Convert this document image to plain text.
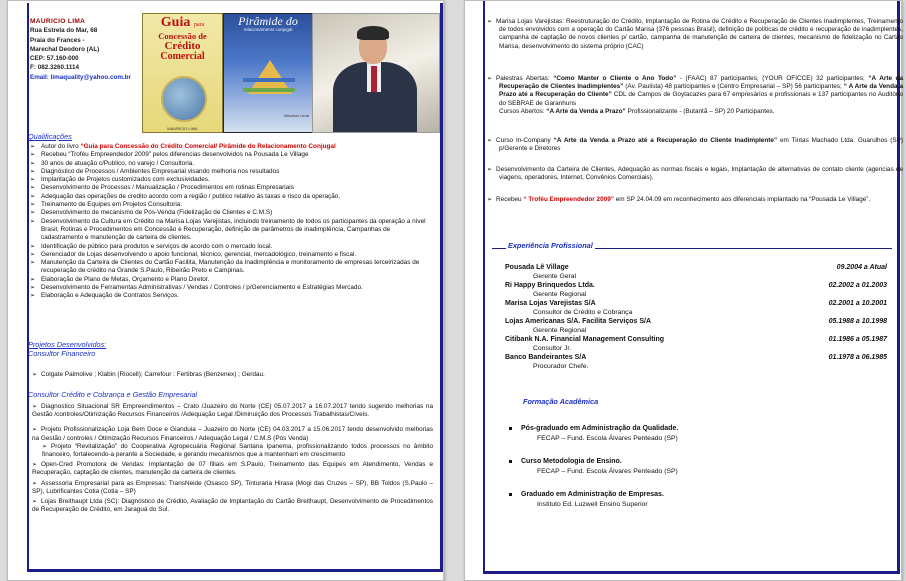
MAURICIO LIMA
Rua Estrela do Mar, 68
Praia do Frances -
Marechal Deodoro (AL)
CEP: 57.160-000
F: 082.3260.1114
Email: limaquality@yahoo.com.br
Guia para
Concessão de
Crédito
Comercial
MAURICIO LIMA
Pirâmide do
relacionamento conjugal
Mauricio Lima
Qualificações
➢ Autor do livro “Guia para Concessão do Crédito Comercial/ Pirâmide do Relacionamento Conjugal
➢ Recebeu “Troféu Empreendedor 2009” pelos diferencias desenvolvidos na Pousada Le Village
➢ 30 anos de atuação c/Publico, no varejo / Consultoria.
➢ Diagnóstico de Processos / Ambientes Empresarial visando melhoria nos resultados
➢ Implantação de Projetos customizados com exclusividades.
➢ Desenvolvimento de Processos / Manualização / Procedimentos em rotinas Empresariais
➢ Adequação das operações de credito acordo com a região / publico relativo às taxas e risco da operação.
➢ Treinamento de Equipes em Projetos Consultoria.
➢ Desenvolvimento de mecanismo de Pós-Venda (Fidelização de Clientes e C.M.S)
➢ Desenvolvimento da Cultura em Crédito na Marisa Lojas Varejistas, incluindo treinamento de todos os participantes da operação a nível Brasil, Rotinas e Procedimentos em Concessão e Recuperação, definição de parâmetros de inadimplência, Campanhas de cadastramento e manutenção de carteira de clientes.
➢ Identificação de público para produtos e serviços de acordo com o mercado local.
➢ Gerenciador de Lojas desenvolvendo o apoio funcional, técnico, gerencial, mercadológico, treinamento e fiscal.
➢ Manutenção da Carteira de Clientes do Cartão Facilita, Manutenção da Inadimplência e monitoramento de empresas terceirizadas de recuperação de crédito na Grande S.Paulo, Ribeirão Preto e Campinas.
➢ Elaboração de Plano de Metas, Orçamento e Plano Diretor.
➢ Desenvolvimento de Ferramentas Administrativas / Vendas / Controles / p/Gerenciamento e Estratégias Mercado.
➢ Elaboração e Adequação de Contratos Serviços.
Projetos Desenvolvidos:
Consultor Financeiro
➢ Colgate Palmolive ; Klabin (Riocell); Carrefour : Fertibras (Benzenex) ; Gerdau.
Consultor Crédito e Cobrança e Gestão Empresarial
➢ Diagnostico Situacional SR Empreendimentos – Crato /Juazeiro do Norte (CE) 05.07.2017 a 16.07.2017 tendo sugerido melhorias na Gestão /controles/Otimização Recursos Financeiros /Adequação Legal /Diminuição dos Processos Trabalhistas/Cíveis.
➢ Projeto Profissionalização Loja Bem Doce e Gianduia – Juazeiro do Norte (CE) 04.03.2017 a 15.06.2017 tendo desenvolvido melhorias na Gestão / controles / Otimização Recursos Financeiros / Adequação Legal / C.M.S (Pós Venda)
➢ Projeto “Revitalização” do Cooperativa Agropecuária Regional Santana Ipanema, profissionalizando todos processos no âmbito financeiro, fortalecendo-a perante a Sociedade, e gerando mecanismos que a mantenham em crescimento
➢ Open-Cred Promotora de Vendas: Implantação de 07 filiais em S.Paulo, Treinamento das Equipes em Atendimento, Vendas e Recuperação, captação de clientes, manutenção da carteira de clientes.
➢ Assessoria Empresarial para as Empresas: TransNeide (Osasco SP), Tinturaria Hirasa (Mogi das Cruzes – SP), BB Toldos (S.Paulo – SP), Lubrificantes Cotia (Cotia – SP)
➢ Lojas Breithaupt Ltda (SC): Diagnóstico de Crédito, Avaliação de Implantação do Cartão Breithaupt, Desenvolvimento de Procedimentos de Recuperação de Crédito, em Jaraguá do Sul.
➢ Marisa Lojas Varejistas: Reestruturação do Crédito, Implantação de Rotina de Crédito e Recuperação de Clientes Inadimplentes, Treinamento de todos envolvidos com a operação do Cartão Marisa (376 pessoas Brasil), definição de políticas de crédito e recuperação de inadimplentes, campanha de captação de novos clientes p/ cartão, campanha de manutenção de carteira de clientes, mecanismo de fidelização no Cartão Marisa, desenvolvimento do sistema próprio (CAC)
➢ Palestras Abertas: “Como Manter o Cliente o Ano Todo” - (FAAC) 87 participantes; (YOUR OFICCE) 32 participantes; “A Arte da Recuperação de Clientes Inadimplentes” (Av. Paulista) 48 participantes e (Centro Empresarial – SP) 56 participantes; “ A Arte da Venda a Prazo até a Recuperação do Cliente” CDL de Campos de Goytacazes para 67 empresários e profissionais e 137 participantes no Auditório do SEBRAE de Garanhuns
Cursos Abertos: “A Arte da Venda a Prazo” Profissionalizante - (Butantã – SP) 20 Participantes.
➢ Curso In-Company “A Arte da Venda a Prazo até a Recuperação do Cliente Inadimplente” em Tintas Machado Ltda. Guarulhos (SP) p/Gerente e Diretores
➢ Desenvolvimento da Carteira de Clientes, Adequação as normas fiscais e legais, Implantação de alternativas de contato cliente (agencias de viagens, operadores, Internet, Convênios Comerciais).
➢ Recebeu “ Troféu Empreendedor 2009” em SP 24.04.09 em reconhecimento aos diferenciais implantado na “Pousada Le Village”.
Experiência Profissional
Pousada Lê Village	09.2004 a Atual
Gerente Geral
Ri Happy Brinquedos Ltda.	02.2002 a 01.2003
Gerente Regional
Marisa Lojas Varejistas S/A	02.2001 a 10.2001
Consultor de Crédito e Cobrança
Lojas Americanas S/A. Facilita Serviços S/A	05.1988 a 10.1998
Gerente Regional
Citibank N.A. Financial Management Consulting	01.1986 a 05.1987
Consultor Jr.
Banco Bandeirantes S/A	01.1978 a 06.1985
Procurador Chefe.
Formação Acadêmica
Pós-graduado em Administração da Qualidade.
FECAP – Fund. Escola Álvares Penteado (SP)
Curso Metodologia de Ensino.
FECAP – Fund. Escola Álvares Penteado (SP)
Graduado em Administração de Empresas.
Instituto Ed. Luzwell Ensino Superior
